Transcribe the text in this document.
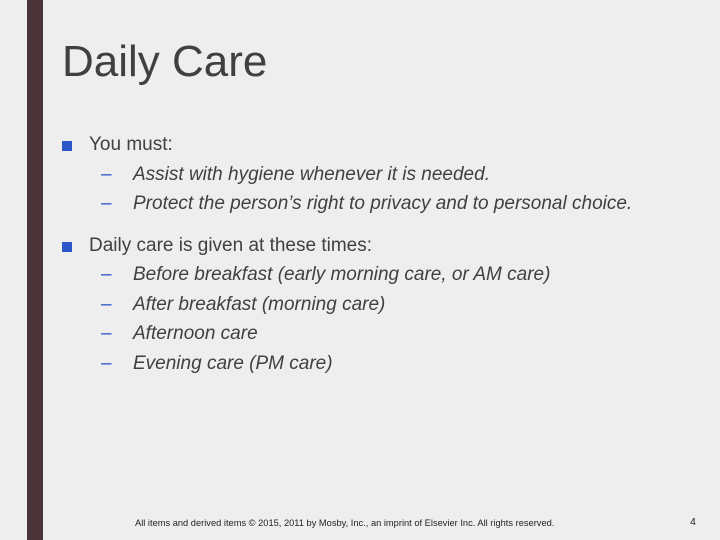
Daily Care
You must:
– Assist with hygiene whenever it is needed.
– Protect the person’s right to privacy and to personal choice.
Daily care is given at these times:
– Before breakfast (early morning care, or AM care)
– After breakfast (morning care)
– Afternoon care
– Evening care (PM care)
All items and derived items © 2015, 2011 by Mosby, Inc., an imprint of Elsevier Inc. All rights reserved.	4
